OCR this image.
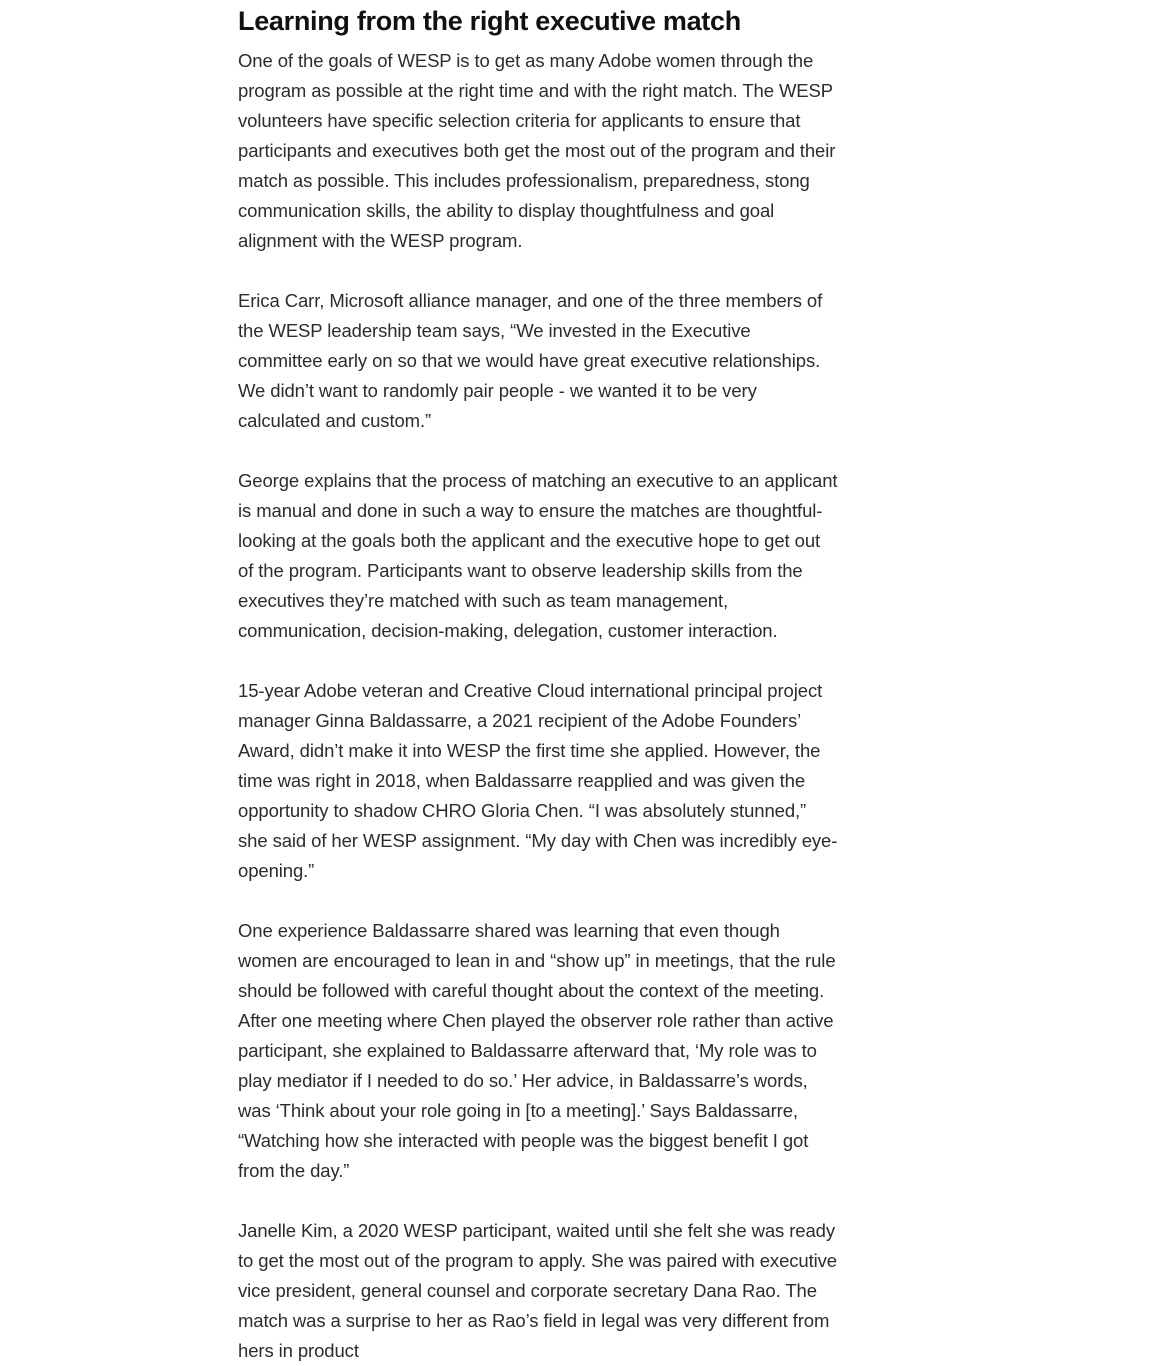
Learning from the right executive match

One of the goals of WESP is to get as many Adobe women through the program as possible at the right time and with the right match. The WESP volunteers have specific selection criteria for applicants to ensure that participants and executives both get the most out of the program and their match as possible. This includes professionalism, preparedness, stong communication skills, the ability to display thoughtfulness and goal alignment with the WESP program.

Erica Carr, Microsoft alliance manager, and one of the three members of the WESP leadership team says, “We invested in the Executive committee early on so that we would have great executive relationships. We didn’t want to randomly pair people - we wanted it to be very calculated and custom.”

George explains that the process of matching an executive to an applicant is manual and done in such a way to ensure the matches are thoughtful- looking at the goals both the applicant and the executive hope to get out of the program. Participants want to observe leadership skills from the executives they’re matched with such as team management, communication, decision-making, delegation, customer interaction.

15-year Adobe veteran and Creative Cloud international principal project manager Ginna Baldassarre, a 2021 recipient of the Adobe Founders’ Award, didn’t make it into WESP the first time she applied. However, the time was right in 2018, when Baldassarre reapplied and was given the opportunity to shadow CHRO Gloria Chen. “I was absolutely stunned,” she said of her WESP assignment. “My day with Chen was incredibly eye-opening.”

One experience Baldassarre shared was learning that even though women are encouraged to lean in and “show up” in meetings, that the rule should be followed with careful thought about the context of the meeting. After one meeting where Chen played the observer role rather than active participant, she explained to Baldassarre afterward that, ‘My role was to play mediator if I needed to do so.’ Her advice, in Baldassarre’s words, was ‘Think about your role going in [to a meeting].’ Says Baldassarre, “Watching how she interacted with people was the biggest benefit I got from the day.”

Janelle Kim, a 2020 WESP participant, waited until she felt she was ready to get the most out of the program to apply. She was paired with executive vice president, general counsel and corporate secretary Dana Rao. The match was a surprise to her as Rao’s field in legal was very different from hers in product
